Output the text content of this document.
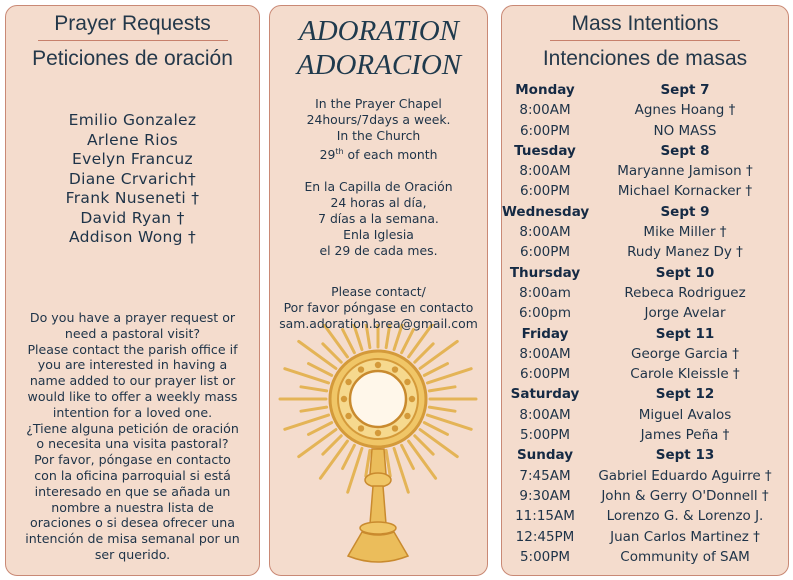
Prayer Requests
Peticiones de oración
Emilio Gonzalez
Arlene Rios
Evelyn Francuz
Diane Crvarich†
Frank Nuseneti †
David Ryan †
Addison Wong †
Do you have a prayer request or
need a pastoral visit?
Please contact the parish office if
you are interested in having a
name added to our prayer list or
would like to offer a weekly mass
intention for a loved one.
¿Tiene alguna petición de oración
o necesita una visita pastoral?
Por favor, póngase en contacto
con la oficina parroquial si está
interesado en que se añada un
nombre a nuestra lista de
oraciones o si desea ofrecer una
intención de misa semanal por un
ser querido.
ADORATION
ADORACION
In the Prayer Chapel
24hours/7days a week.
In the Church
29th of each month
En la Capilla de Oración
24 horas al día,
7 días a la semana.
Enla Iglesia
el 29 de cada mes.
Please contact/
Por favor póngase en contacto
sam.adoration.brea@gmail.com
Mass Intentions
Intenciones de masas
Monday	Sept 7
8:00AM	Agnes Hoang †
6:00PM	NO MASS
Tuesday	Sept 8
8:00AM	Maryanne Jamison †
6:00PM	Michael Kornacker †
Wednesday	Sept 9
8:00AM	Mike Miller †
6:00PM	Rudy Manez Dy †
Thursday	Sept 10
8:00am	Rebeca Rodriguez
6:00pm	Jorge Avelar
Friday	Sept 11
8:00AM	George Garcia †
6:00PM	Carole Kleissle †
Saturday	Sept 12
8:00AM	Miguel Avalos
5:00PM	James Peña †
Sunday	Sept 13
7:45AM	Gabriel Eduardo Aguirre †
9:30AM	John & Gerry O'Donnell †
11:15AM	Lorenzo G. & Lorenzo J.
12:45PM	Juan Carlos Martinez †
5:00PM	Community of SAM
